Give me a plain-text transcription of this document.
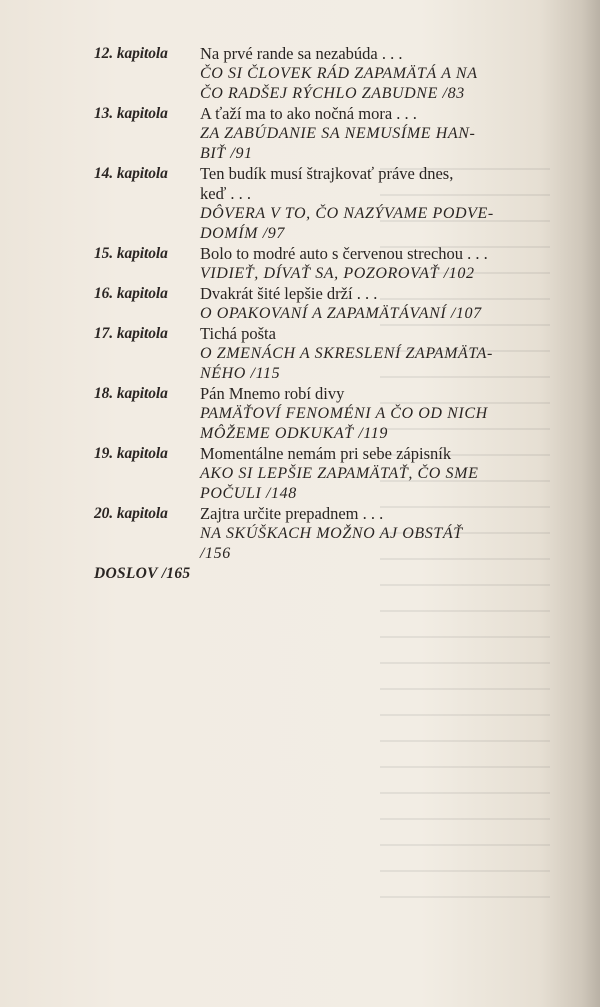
12. kapitola	Na prvé rande sa nezabúda . . .
ČO SI ČLOVEK RÁD ZAPAMÄTÁ A NA
ČO RADŠEJ RÝCHLO ZABUDNE /83
13. kapitola	A ťaží ma to ako nočná mora . . .
ZA ZABÚDANIE SA NEMUSÍME HAN-
BIŤ /91
14. kapitola	Ten budík musí štrajkovať práve dnes,
keď . . .
DÔVERA V TO, ČO NAZÝVAME PODVE-
DOMÍM /97
15. kapitola	Bolo to modré auto s červenou strechou . . .
VIDIEŤ, DÍVAŤ SA, POZOROVAŤ /102
16. kapitola	Dvakrát šité lepšie drží . . .
O OPAKOVANÍ A ZAPAMÄTÁVANÍ /107
17. kapitola	Tichá pošta
O ZMENÁCH A SKRESLENÍ ZAPAMÄTA-
NÉHO /115
18. kapitola	Pán Mnemo robí divy
PAMÄŤOVÍ FENOMÉNI A ČO OD NICH
MÔŽEME ODKUKAŤ /119
19. kapitola	Momentálne nemám pri sebe zápisník
AKO SI LEPŠIE ZAPAMÄTAŤ, ČO SME
POČULI /148
20. kapitola	Zajtra určite prepadnem . . .
NA SKÚŠKACH MOŽNO AJ OBSTÁŤ
/156
DOSLOV /165
